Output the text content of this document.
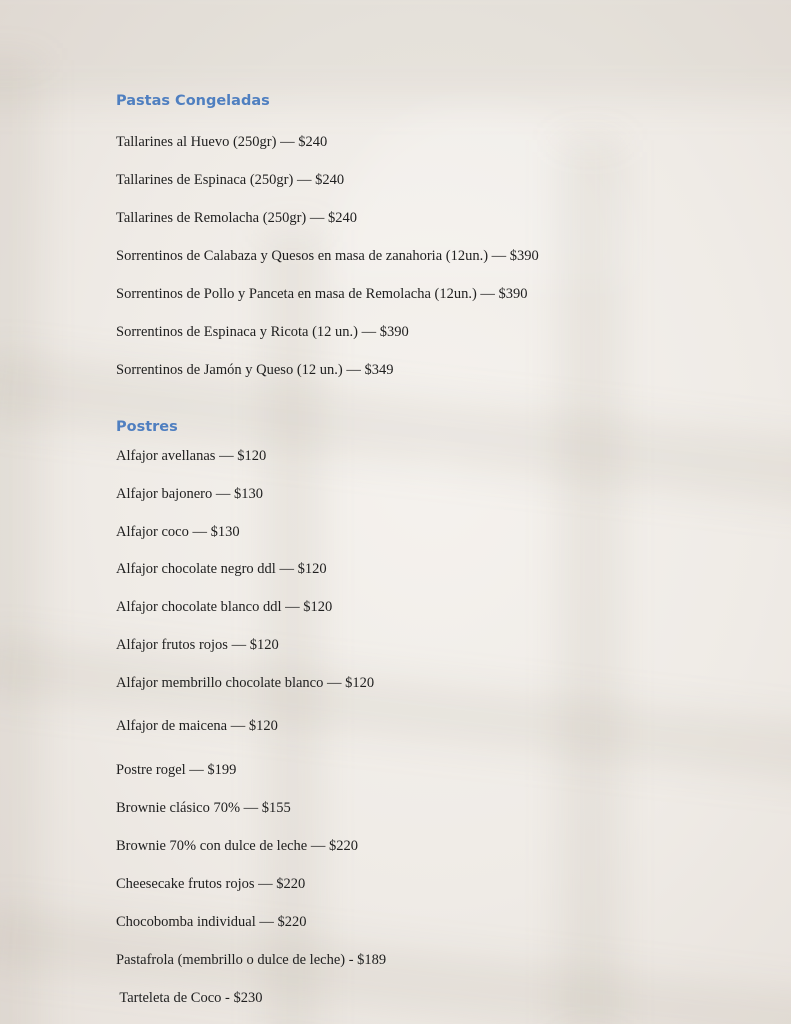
Pastas Congeladas
Tallarines al Huevo (250gr) — $240
Tallarines de Espinaca (250gr) — $240
Tallarines de Remolacha (250gr) — $240
Sorrentinos de Calabaza y Quesos en masa de zanahoria (12un.) — $390
Sorrentinos de Pollo y Panceta en masa de Remolacha (12un.) — $390
Sorrentinos de Espinaca y Ricota (12 un.) — $390
Sorrentinos de Jamón y Queso (12 un.) — $349
Postres
Alfajor avellanas — $120
Alfajor bajonero — $130
Alfajor coco — $130
Alfajor chocolate negro ddl — $120
Alfajor chocolate blanco ddl — $120
Alfajor frutos rojos — $120
Alfajor membrillo chocolate blanco — $120
Alfajor de maicena — $120
Postre rogel — $199
Brownie clásico 70% — $155
Brownie 70% con dulce de leche — $220
Cheesecake frutos rojos — $220
Chocobomba individual — $220
Pastafrola (membrillo o dulce de leche) - $189
Tarteleta de Coco - $230
